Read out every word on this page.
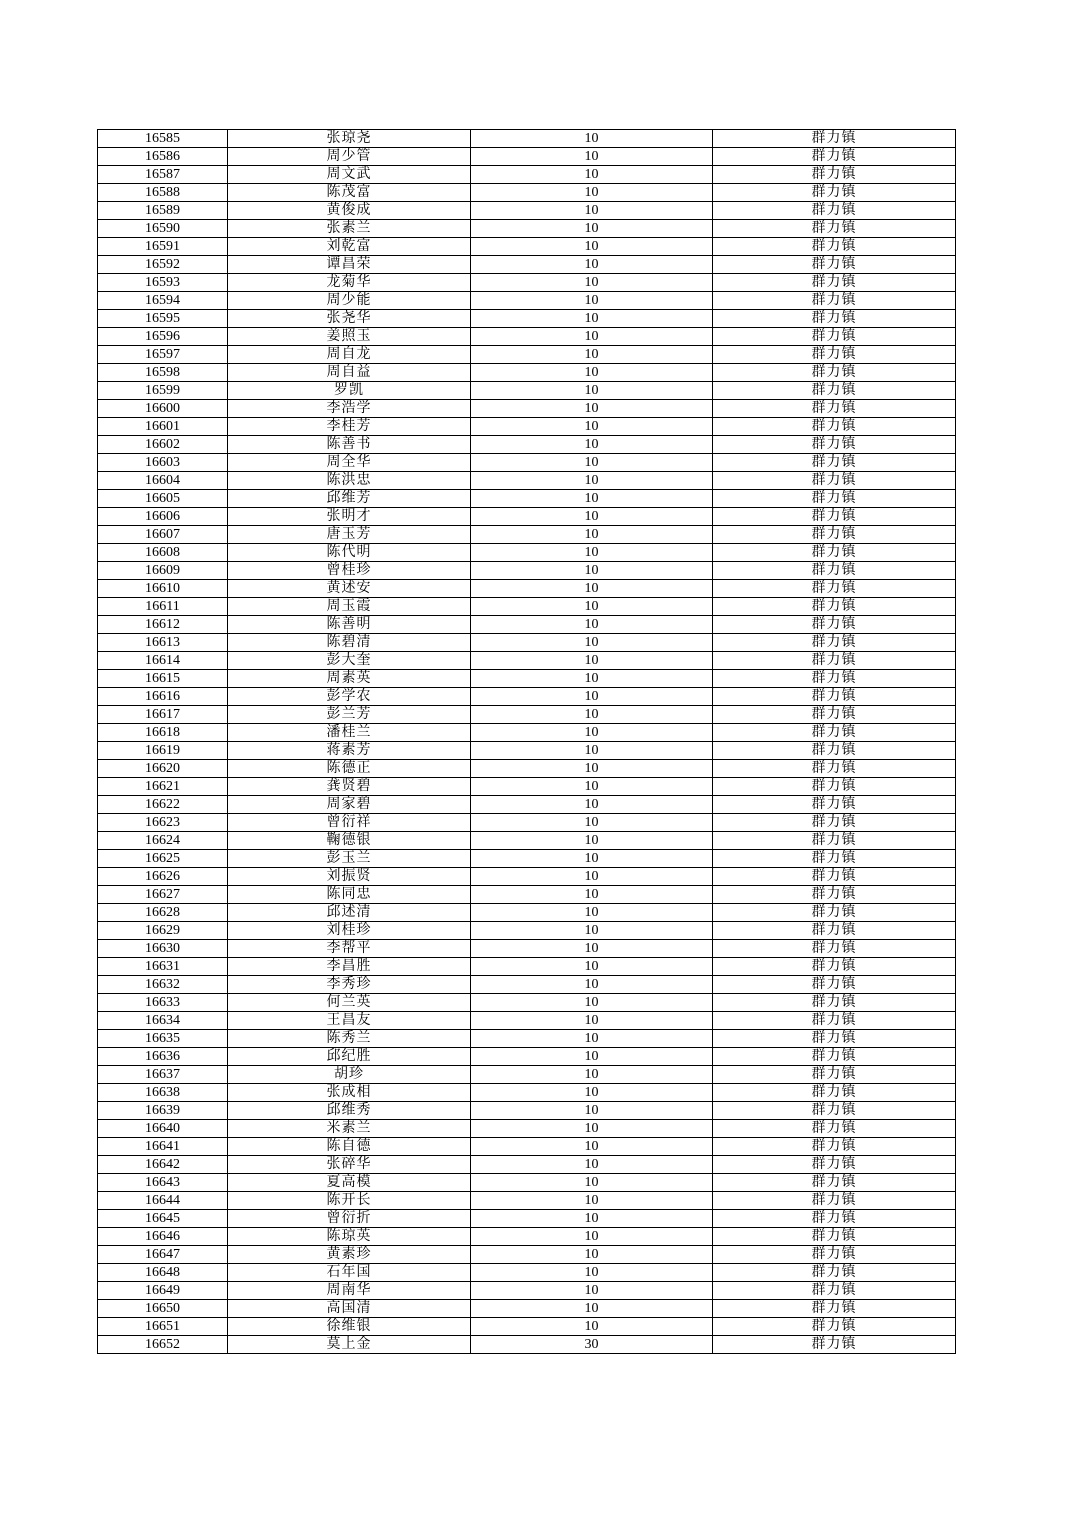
16585	张琼尧	10	群力镇
16586	周少管	10	群力镇
16587	周文武	10	群力镇
16588	陈茂富	10	群力镇
16589	黄俊成	10	群力镇
16590	张素兰	10	群力镇
16591	刘乾富	10	群力镇
16592	谭昌荣	10	群力镇
16593	龙菊华	10	群力镇
16594	周少能	10	群力镇
16595	张尧华	10	群力镇
16596	姜照玉	10	群力镇
16597	周自龙	10	群力镇
16598	周自益	10	群力镇
16599	罗凯	10	群力镇
16600	李浩学	10	群力镇
16601	李桂芳	10	群力镇
16602	陈善书	10	群力镇
16603	周全华	10	群力镇
16604	陈洪忠	10	群力镇
16605	邱维芳	10	群力镇
16606	张明才	10	群力镇
16607	唐玉芳	10	群力镇
16608	陈代明	10	群力镇
16609	曾桂珍	10	群力镇
16610	黄述安	10	群力镇
16611	周玉霞	10	群力镇
16612	陈善明	10	群力镇
16613	陈碧清	10	群力镇
16614	彭大奎	10	群力镇
16615	周素英	10	群力镇
16616	彭学农	10	群力镇
16617	彭兰芳	10	群力镇
16618	潘桂兰	10	群力镇
16619	蒋素芳	10	群力镇
16620	陈德正	10	群力镇
16621	龚贤碧	10	群力镇
16622	周家碧	10	群力镇
16623	曾衍祥	10	群力镇
16624	鞠德银	10	群力镇
16625	彭玉兰	10	群力镇
16626	刘振贤	10	群力镇
16627	陈同忠	10	群力镇
16628	邱述清	10	群力镇
16629	刘桂珍	10	群力镇
16630	李帮平	10	群力镇
16631	李昌胜	10	群力镇
16632	李秀珍	10	群力镇
16633	何兰英	10	群力镇
16634	王昌友	10	群力镇
16635	陈秀兰	10	群力镇
16636	邱纪胜	10	群力镇
16637	胡珍	10	群力镇
16638	张成相	10	群力镇
16639	邱维秀	10	群力镇
16640	米素兰	10	群力镇
16641	陈自德	10	群力镇
16642	张碎华	10	群力镇
16643	夏高模	10	群力镇
16644	陈开长	10	群力镇
16645	曾衍折	10	群力镇
16646	陈琼英	10	群力镇
16647	黄素珍	10	群力镇
16648	石年国	10	群力镇
16649	周南华	10	群力镇
16650	高国清	10	群力镇
16651	徐维银	10	群力镇
16652	莫上金	30	群力镇
